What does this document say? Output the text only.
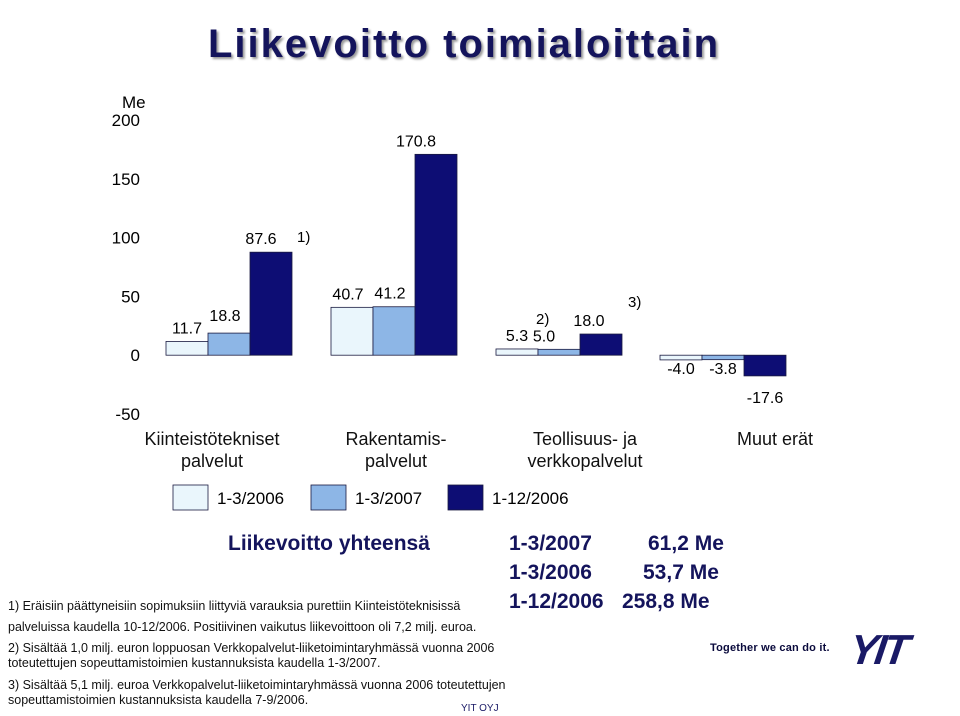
Liikevoitto toimialoittain
Me
200
150
100
50
0
-50
11.7
40.7
5.3
-4.0
18.8
41.2
5.0
-3.8
87.6
170.8
18.0
-17.6
1)
2)
3)
Kiinteistötekniset
palvelut
Rakentamis-
palvelut
Teollisuus- ja
verkkopalvelut
Muut erät
1-3/2006	1-3/2007	1-12/2006
Liikevoitto yhteensä	1-3/2007	61,2 Me
1-3/2006 53,7 Me
1-12/2006 258,8 Me
1) Eräisiin päättyneisiin sopimuksiin liittyviä varauksia purettiin Kiinteistöteknisissä
palveluissa kaudella 10-12/2006. Positiivinen vaikutus liikevoittoon oli 7,2 milj. euroa.
2) Sisältää 1,0 milj. euron loppuosan Verkkopalvelut-liiketoimintaryhmässä vuonna 2006
toteutettujen sopeuttamistoimien kustannuksista kaudella 1-3/2007.
3) Sisältää 5,1 milj. euroa Verkkopalvelut-liiketoimintaryhmässä vuonna 2006 toteutettujen
sopeuttamistoimien kustannuksista kaudella 7-9/2006.
Together we can do it. YIT
YIT OYJ
